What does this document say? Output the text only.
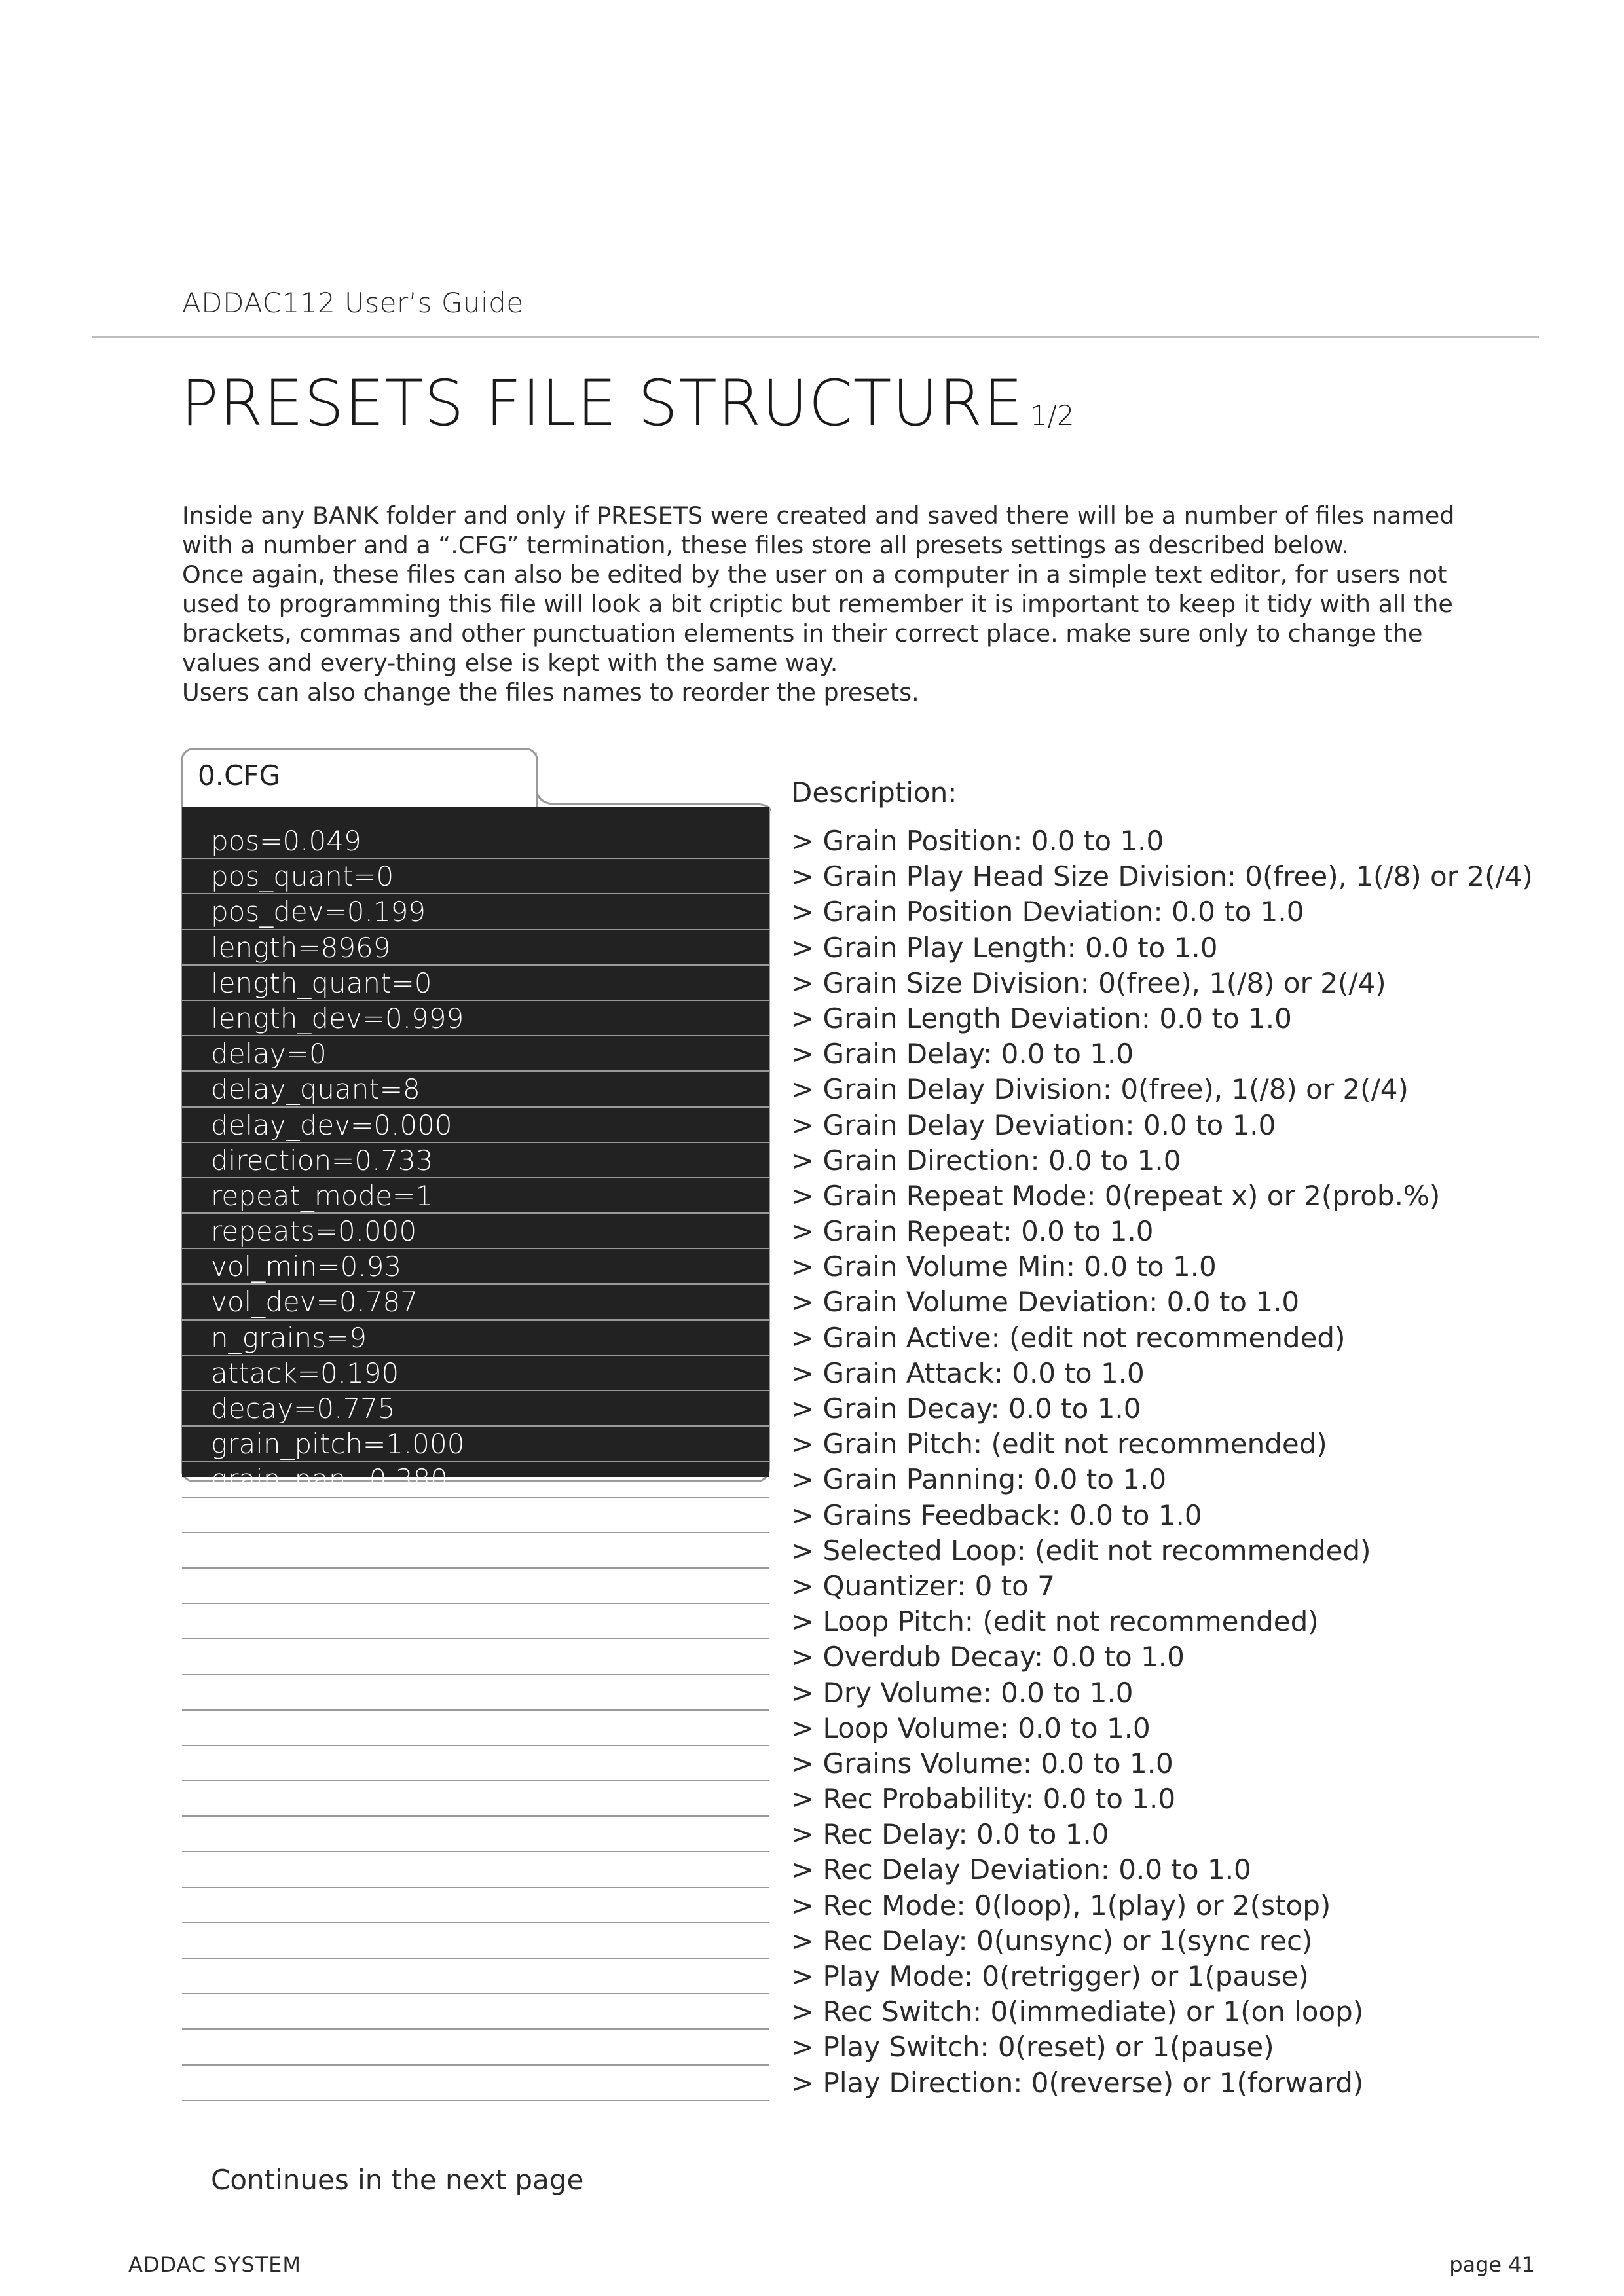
ADDAC112 User’s Guide
PRESETS FILE STRUCTURE 1/2

Inside any BANK folder and only if PRESETS were created and saved there will be a number of files named with a number and a “.CFG” termination, these files store all presets settings as described below.

Once again, these files can also be edited by the user on a computer in a simple text editor, for users not used to programming this file will look a bit criptic but remember it is important to keep it tidy with all the brackets, commas and other punctuation elements in their correct place. make sure only to change the values and every-thing else is kept with the same way.

Users can also change the files names to reorder the presets.

0.CFG
pos=0.049
pos_quant=0
pos_dev=0.199
length=8969
length_quant=0
length_dev=0.999
delay=0
delay_quant=8
delay_dev=0.000
direction=0.733
repeat_mode=1
repeats=0.000
vol_min=0.93
vol_dev=0.787
n_grains=9
attack=0.190
decay=0.775
grain_pitch=1.000
grain_pan=0.380
feedback=0.000
selected_loop=0
quantizer=7
loop_pitch=0.999
overdub_decay=1.000
vol_in=0.606
vol_loop=0.818
vol_grains=0.000
rec_prob=1.000
rec_delay=0.000
rec_delay_dev=0.000
rec_mode=0
rec_sync=1
pause_retrigger=0
on_loop_change_mode=0
loop_play_mode=0
loop_direction=1
Description:
> Grain Position: 0.0 to 1.0
> Grain Play Head Size Division: 0(free), 1(/8) or 2(/4)
> Grain Position Deviation: 0.0 to 1.0
> Grain Play Length: 0.0 to 1.0
> Grain Size Division: 0(free), 1(/8) or 2(/4)
> Grain Length Deviation: 0.0 to 1.0
> Grain Delay: 0.0 to 1.0
> Grain Delay Division: 0(free), 1(/8) or 2(/4)
> Grain Delay Deviation: 0.0 to 1.0
> Grain Direction: 0.0 to 1.0
> Grain Repeat Mode: 0(repeat x) or 2(prob.%)
> Grain Repeat: 0.0 to 1.0
> Grain Volume Min: 0.0 to 1.0
> Grain Volume Deviation: 0.0 to 1.0
> Grain Active: (edit not recommended)
> Grain Attack: 0.0 to 1.0
> Grain Decay: 0.0 to 1.0
> Grain Pitch: (edit not recommended)
> Grain Panning: 0.0 to 1.0
> Grains Feedback: 0.0 to 1.0
> Selected Loop: (edit not recommended)
> Quantizer: 0 to 7
> Loop Pitch: (edit not recommended)
> Overdub Decay: 0.0 to 1.0
> Dry Volume: 0.0 to 1.0
> Loop Volume: 0.0 to 1.0
> Grains Volume: 0.0 to 1.0
> Rec Probability: 0.0 to 1.0
> Rec Delay: 0.0 to 1.0
> Rec Delay Deviation: 0.0 to 1.0
> Rec Mode: 0(loop), 1(play) or 2(stop)
> Rec Delay: 0(unsync) or 1(sync rec)
> Play Mode: 0(retrigger) or 1(pause)
> Rec Switch: 0(immediate) or 1(on loop)
> Play Switch: 0(reset) or 1(pause)
> Play Direction: 0(reverse) or 1(forward)
Continues in the next page
ADDAC SYSTEM	page 41
